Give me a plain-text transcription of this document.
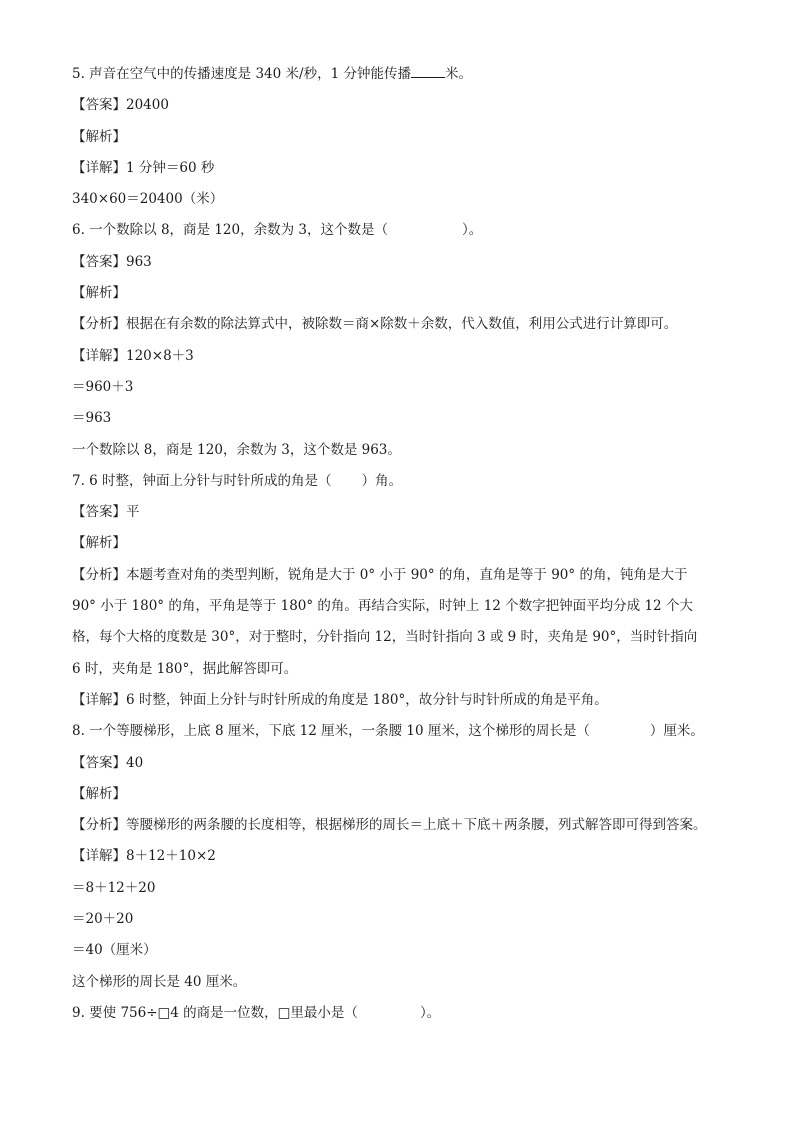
5. 声音在空气中的传播速度是 340 米/秒，1 分钟能传播	米。
【答案】20400
【解析】
【详解】1 分钟＝60 秒
340×60＝20400（米）
6. 一个数除以 8，商是 120，余数为 3，这个数是（	）。
【答案】963
【解析】
【分析】根据在有余数的除法算式中，被除数＝商×除数＋余数，代入数值，利用公式进行计算即可。
【详解】120×8＋3
＝960＋3
＝963
一个数除以 8，商是 120，余数为 3，这个数是 963。
7. 6 时整，钟面上分针与时针所成的角是（ ）角。
【答案】平
【解析】
【分析】本题考查对角的类型判断，锐角是大于 0° 小于 90° 的角，直角是等于 90° 的角，钝角是大于
90° 小于 180° 的角，平角是等于 180° 的角。再结合实际，时钟上 12 个数字把钟面平均分成 12 个大
格，每个大格的度数是 30°，对于整时，分针指向 12，当时针指向 3 或 9 时，夹角是 90°，当时针指向
6 时，夹角是 180°，据此解答即可。
【详解】6 时整，钟面上分针与时针所成的角度是 180°，故分针与时针所成的角是平角。
8. 一个等腰梯形，上底 8 厘米，下底 12 厘米，一条腰 10 厘米，这个梯形的周长是（	）厘米。
【答案】40
【解析】
【分析】等腰梯形的两条腰的长度相等，根据梯形的周长＝上底＋下底＋两条腰，列式解答即可得到答案。
【详解】8＋12＋10×2
＝8＋12＋20
＝20＋20
＝40（厘米）
这个梯形的周长是 40 厘米。
9. 要使 756÷□4 的商是一位数，□里最小是（	）。
